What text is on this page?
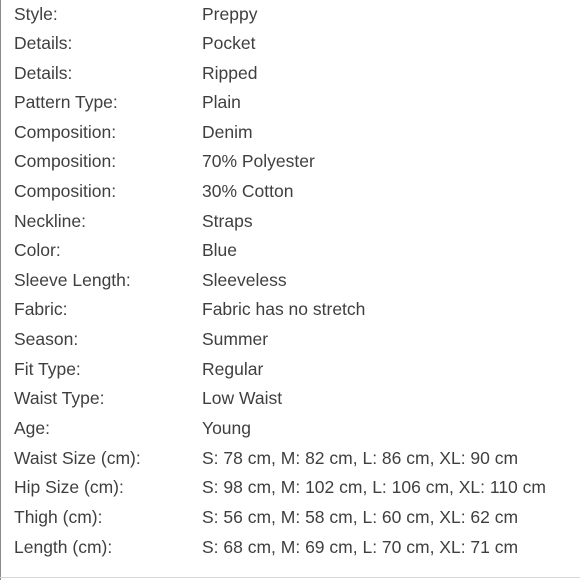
Style:	Preppy
Details:	Pocket
Details:	Ripped
Pattern Type:	Plain
Composition:	Denim
Composition:	70% Polyester
Composition:	30% Cotton
Neckline:	Straps
Color:	Blue
Sleeve Length:	Sleeveless
Fabric:	Fabric has no stretch
Season:	Summer
Fit Type:	Regular
Waist Type:	Low Waist
Age:	Young
Waist Size (cm):	S: 78 cm, M: 82 cm, L: 86 cm, XL: 90 cm
Hip Size (cm):	S: 98 cm, M: 102 cm, L: 106 cm, XL: 110 cm
Thigh (cm):	S: 56 cm, M: 58 cm, L: 60 cm, XL: 62 cm
Length (cm):	S: 68 cm, M: 69 cm, L: 70 cm, XL: 71 cm
